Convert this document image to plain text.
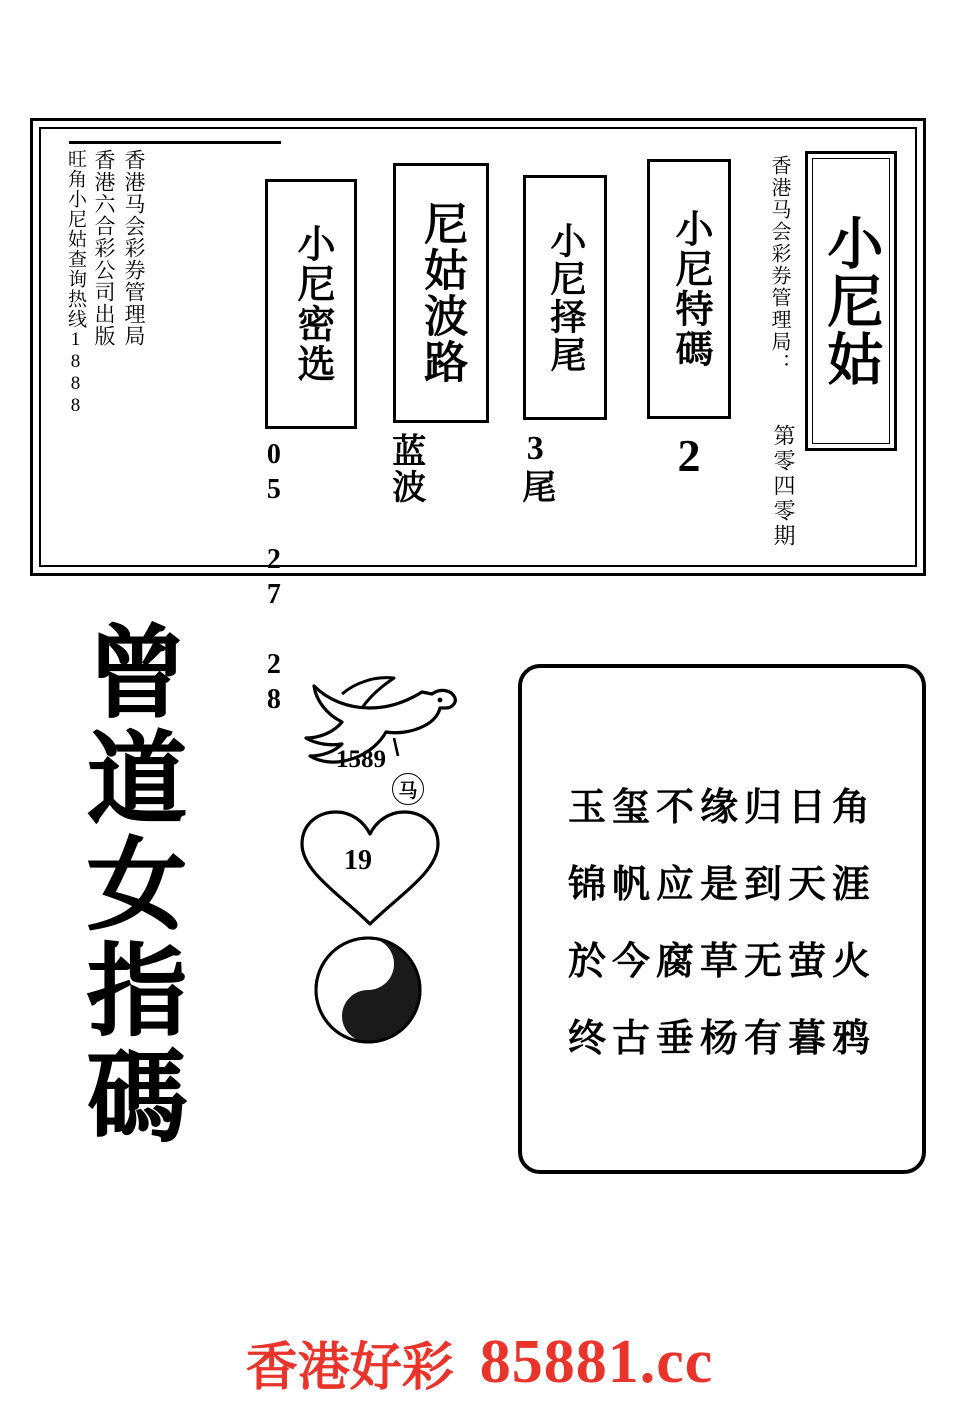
小尼姑
香港马会彩券管理局：
第零四零期
小尼特碼
2
小尼择尾
3尾
尼姑波路
蓝波
小尼密选
05 27 28
香港马会彩券管理局
香港六合彩公司出版
旺角小尼姑查询热线1888
曾
道
女
指
碼
1589
马
19
28
玉玺不缘归日角
锦帆应是到天涯
於今腐草无萤火
终古垂杨有暮鸦
香港好彩 85881.cc
